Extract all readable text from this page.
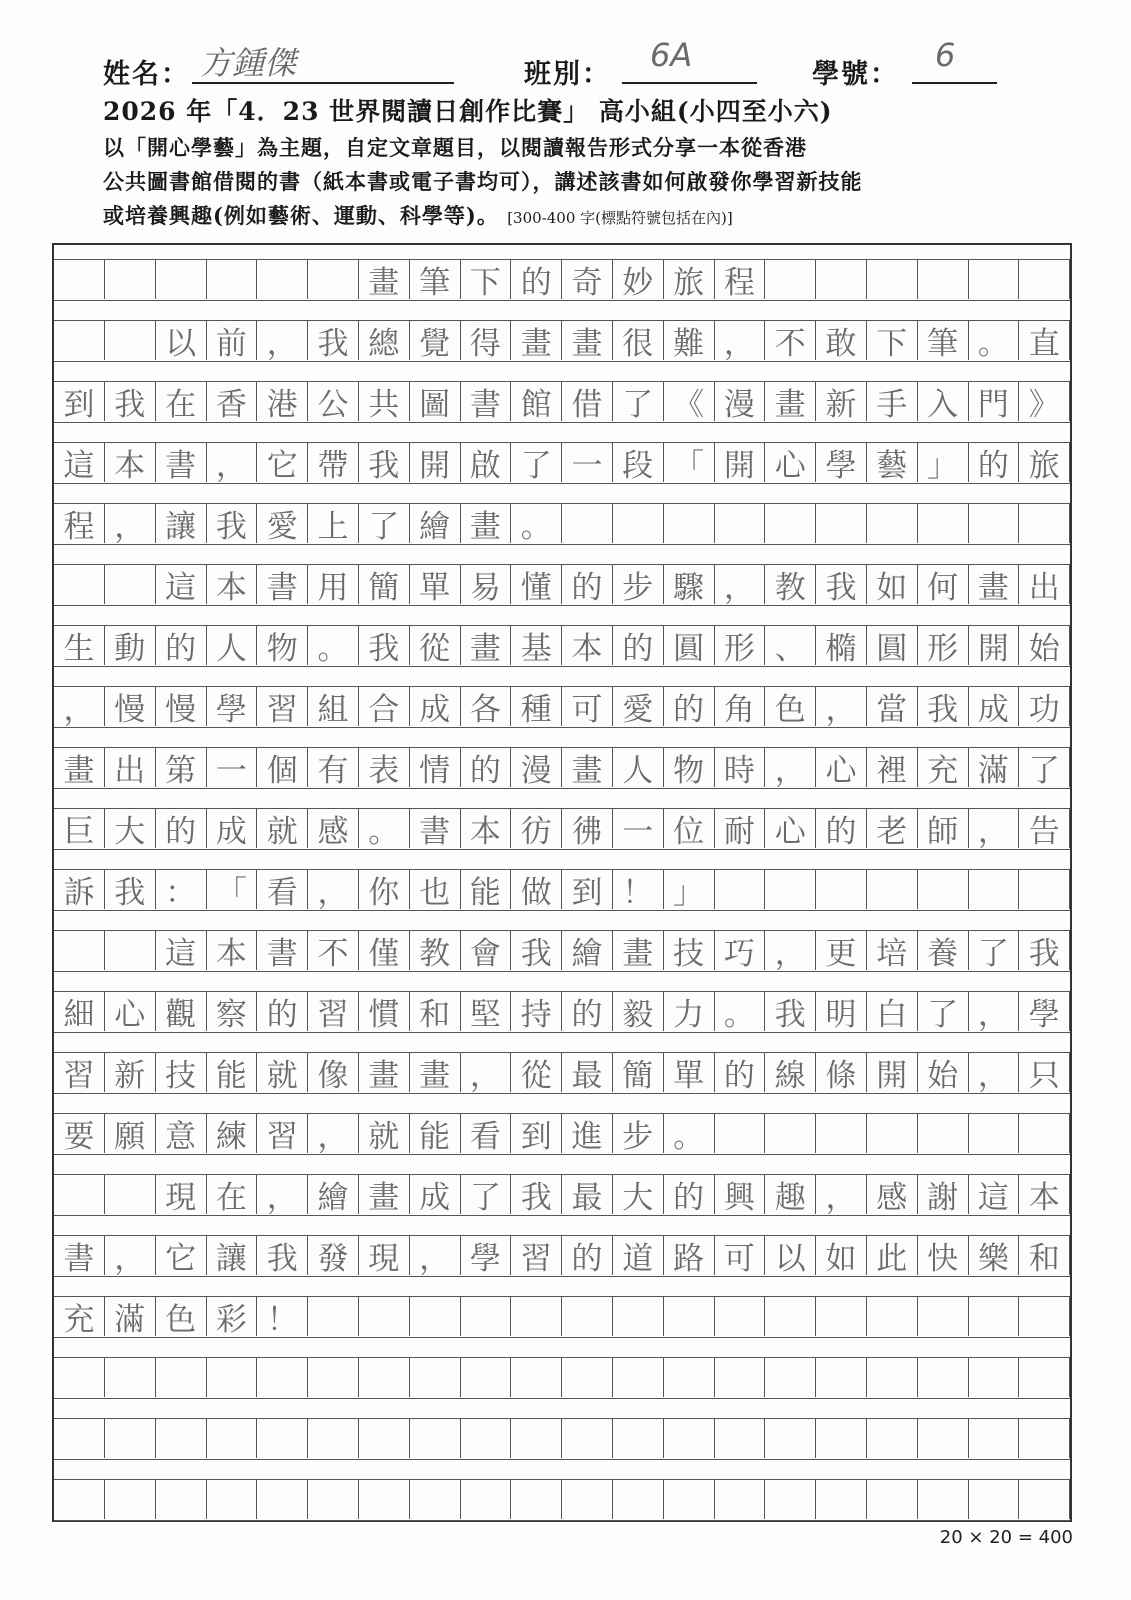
姓名： 方鍾傑	班別：
6A
學號：
6
2026 年「4．23 世界閱讀日創作比賽」 高小組(小四至小六)
以「開心學藝」為主題，自定文章題目，以閱讀報告形式分享一本從香港
公共圖書館借閱的書（紙本書或電子書均可），講述該書如何啟發你學習新技能
或培養興趣(例如藝術、運動、科學等)。 [300-400 字(標點符號包括在內)]
畫 筆 下 的 奇 妙 旅 程
以 前 ， 我 總 覺 得 畫 畫 很 難 ， 不 敢 下 筆 。 直
到 我 在 香 港 公 共 圖 書 館 借 了 《 漫 畫 新 手 入 門 》
這 本 書 ， 它 帶 我 開 啟 了 一 段 「 開 心 學 藝 」 的 旅
程 ， 讓 我 愛 上 了 繪 畫 。
這 本 書 用 簡 單 易 懂 的 步 驟 ， 教 我 如 何 畫 出
生 動 的 人 物 。 我 從 畫 基 本 的 圓 形 、 橢 圓 形 開 始
， 慢 慢 學 習 組 合 成 各 種 可 愛 的 角 色 ， 當 我 成 功
畫 出 第 一 個 有 表 情 的 漫 畫 人 物 時 ， 心 裡 充 滿 了
巨 大 的 成 就 感 。 書 本 彷 彿 一 位 耐 心 的 老 師 ， 告
訴 我 ： 「 看 ， 你 也 能 做 到 ！ 」
這 本 書 不 僅 教 會 我 繪 畫 技 巧 ， 更 培 養 了 我
細 心 觀 察 的 習 慣 和 堅 持 的 毅 力 。 我 明 白 了 ， 學
習 新 技 能 就 像 畫 畫 ， 從 最 簡 單 的 線 條 開 始 ， 只
要 願 意 練 習 ， 就 能 看 到 進 步 。
現 在 ， 繪 畫 成 了 我 最 大 的 興 趣 ， 感 謝 這 本
書 ， 它 讓 我 發 現 ， 學 習 的 道 路 可 以 如 此 快 樂 和
充 滿 色 彩 ！
20 × 20 = 400
